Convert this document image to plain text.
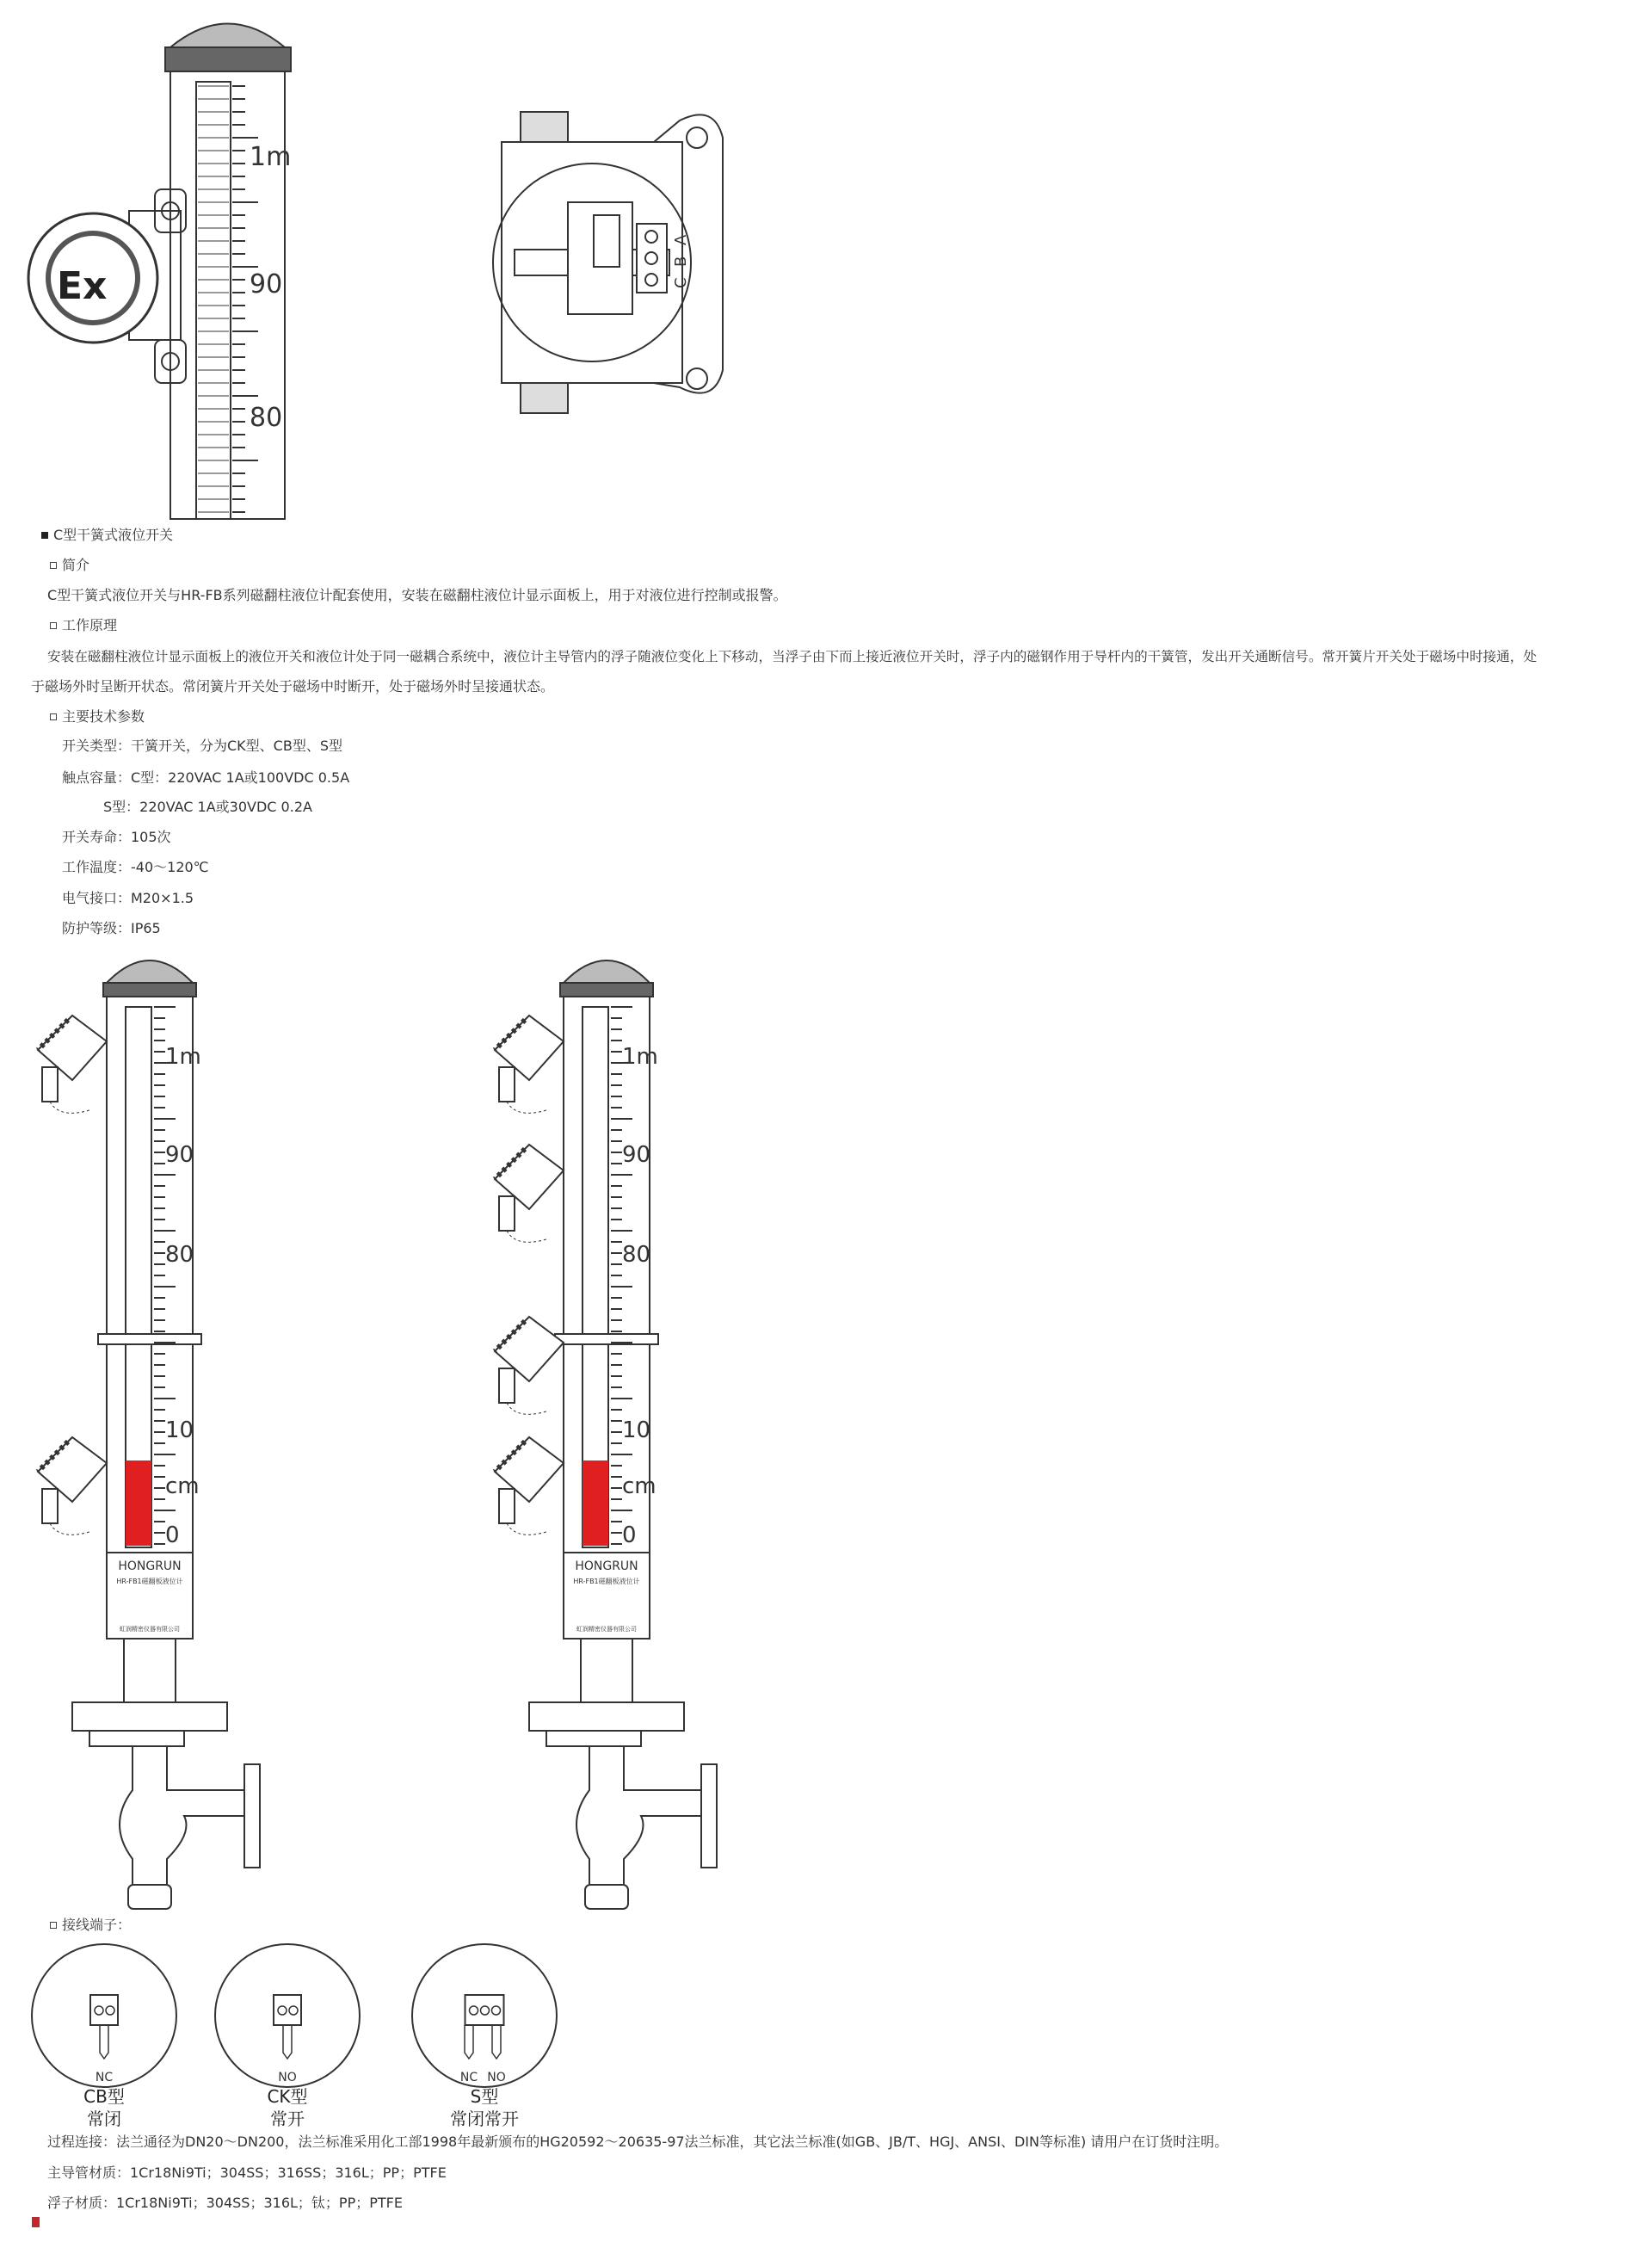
1m
90
80
Ex
A
B
C
1m
90
80
10
cm
0
HONGRUN
HR-FB1磁翻板液位计
虹润精密仪器有限公司
1m
90
80
10
cm
0
HONGRUN
HR-FB1磁翻板液位计
虹润精密仪器有限公司
NC	NO	NC NO
C型干簧式液位开关
简介
C型干簧式液位开关与HR-FB系列磁翻柱液位计配套使用，安装在磁翻柱液位计显示面板上，用于对液位进行控制或报警。
工作原理
安装在磁翻柱液位计显示面板上的液位开关和液位计处于同一磁耦合系统中，液位计主导管内的浮子随液位变化上下移动，当浮子由下而上接近液位开关时，浮子内的磁钢作用于导杆内的干簧管，发出开关通断信号。常开簧片开关处于磁场中时接通，处
于磁场外时呈断开状态。常闭簧片开关处于磁场中时断开，处于磁场外时呈接通状态。
主要技术参数
开关类型：干簧开关，分为CK型、CB型、S型
触点容量：C型：220VAC 1A或100VDC 0.5A
S型：220VAC 1A或30VDC 0.2A
开关寿命：105次
工作温度：-40～120℃
电气接口：M20×1.5
防护等级：IP65
接线端子：
CB型
常闭
CK型
常开
S型
常闭常开
过程连接：法兰通径为DN20～DN200，法兰标准采用化工部1998年最新颁布的HG20592～20635-97法兰标准，其它法兰标准(如GB、JB/T、HGJ、ANSI、DIN等标准) 请用户在订货时注明。
主导管材质：1Cr18Ni9Ti；304SS；316SS；316L；PP；PTFE
浮子材质：1Cr18Ni9Ti；304SS；316L；钛；PP；PTFE
